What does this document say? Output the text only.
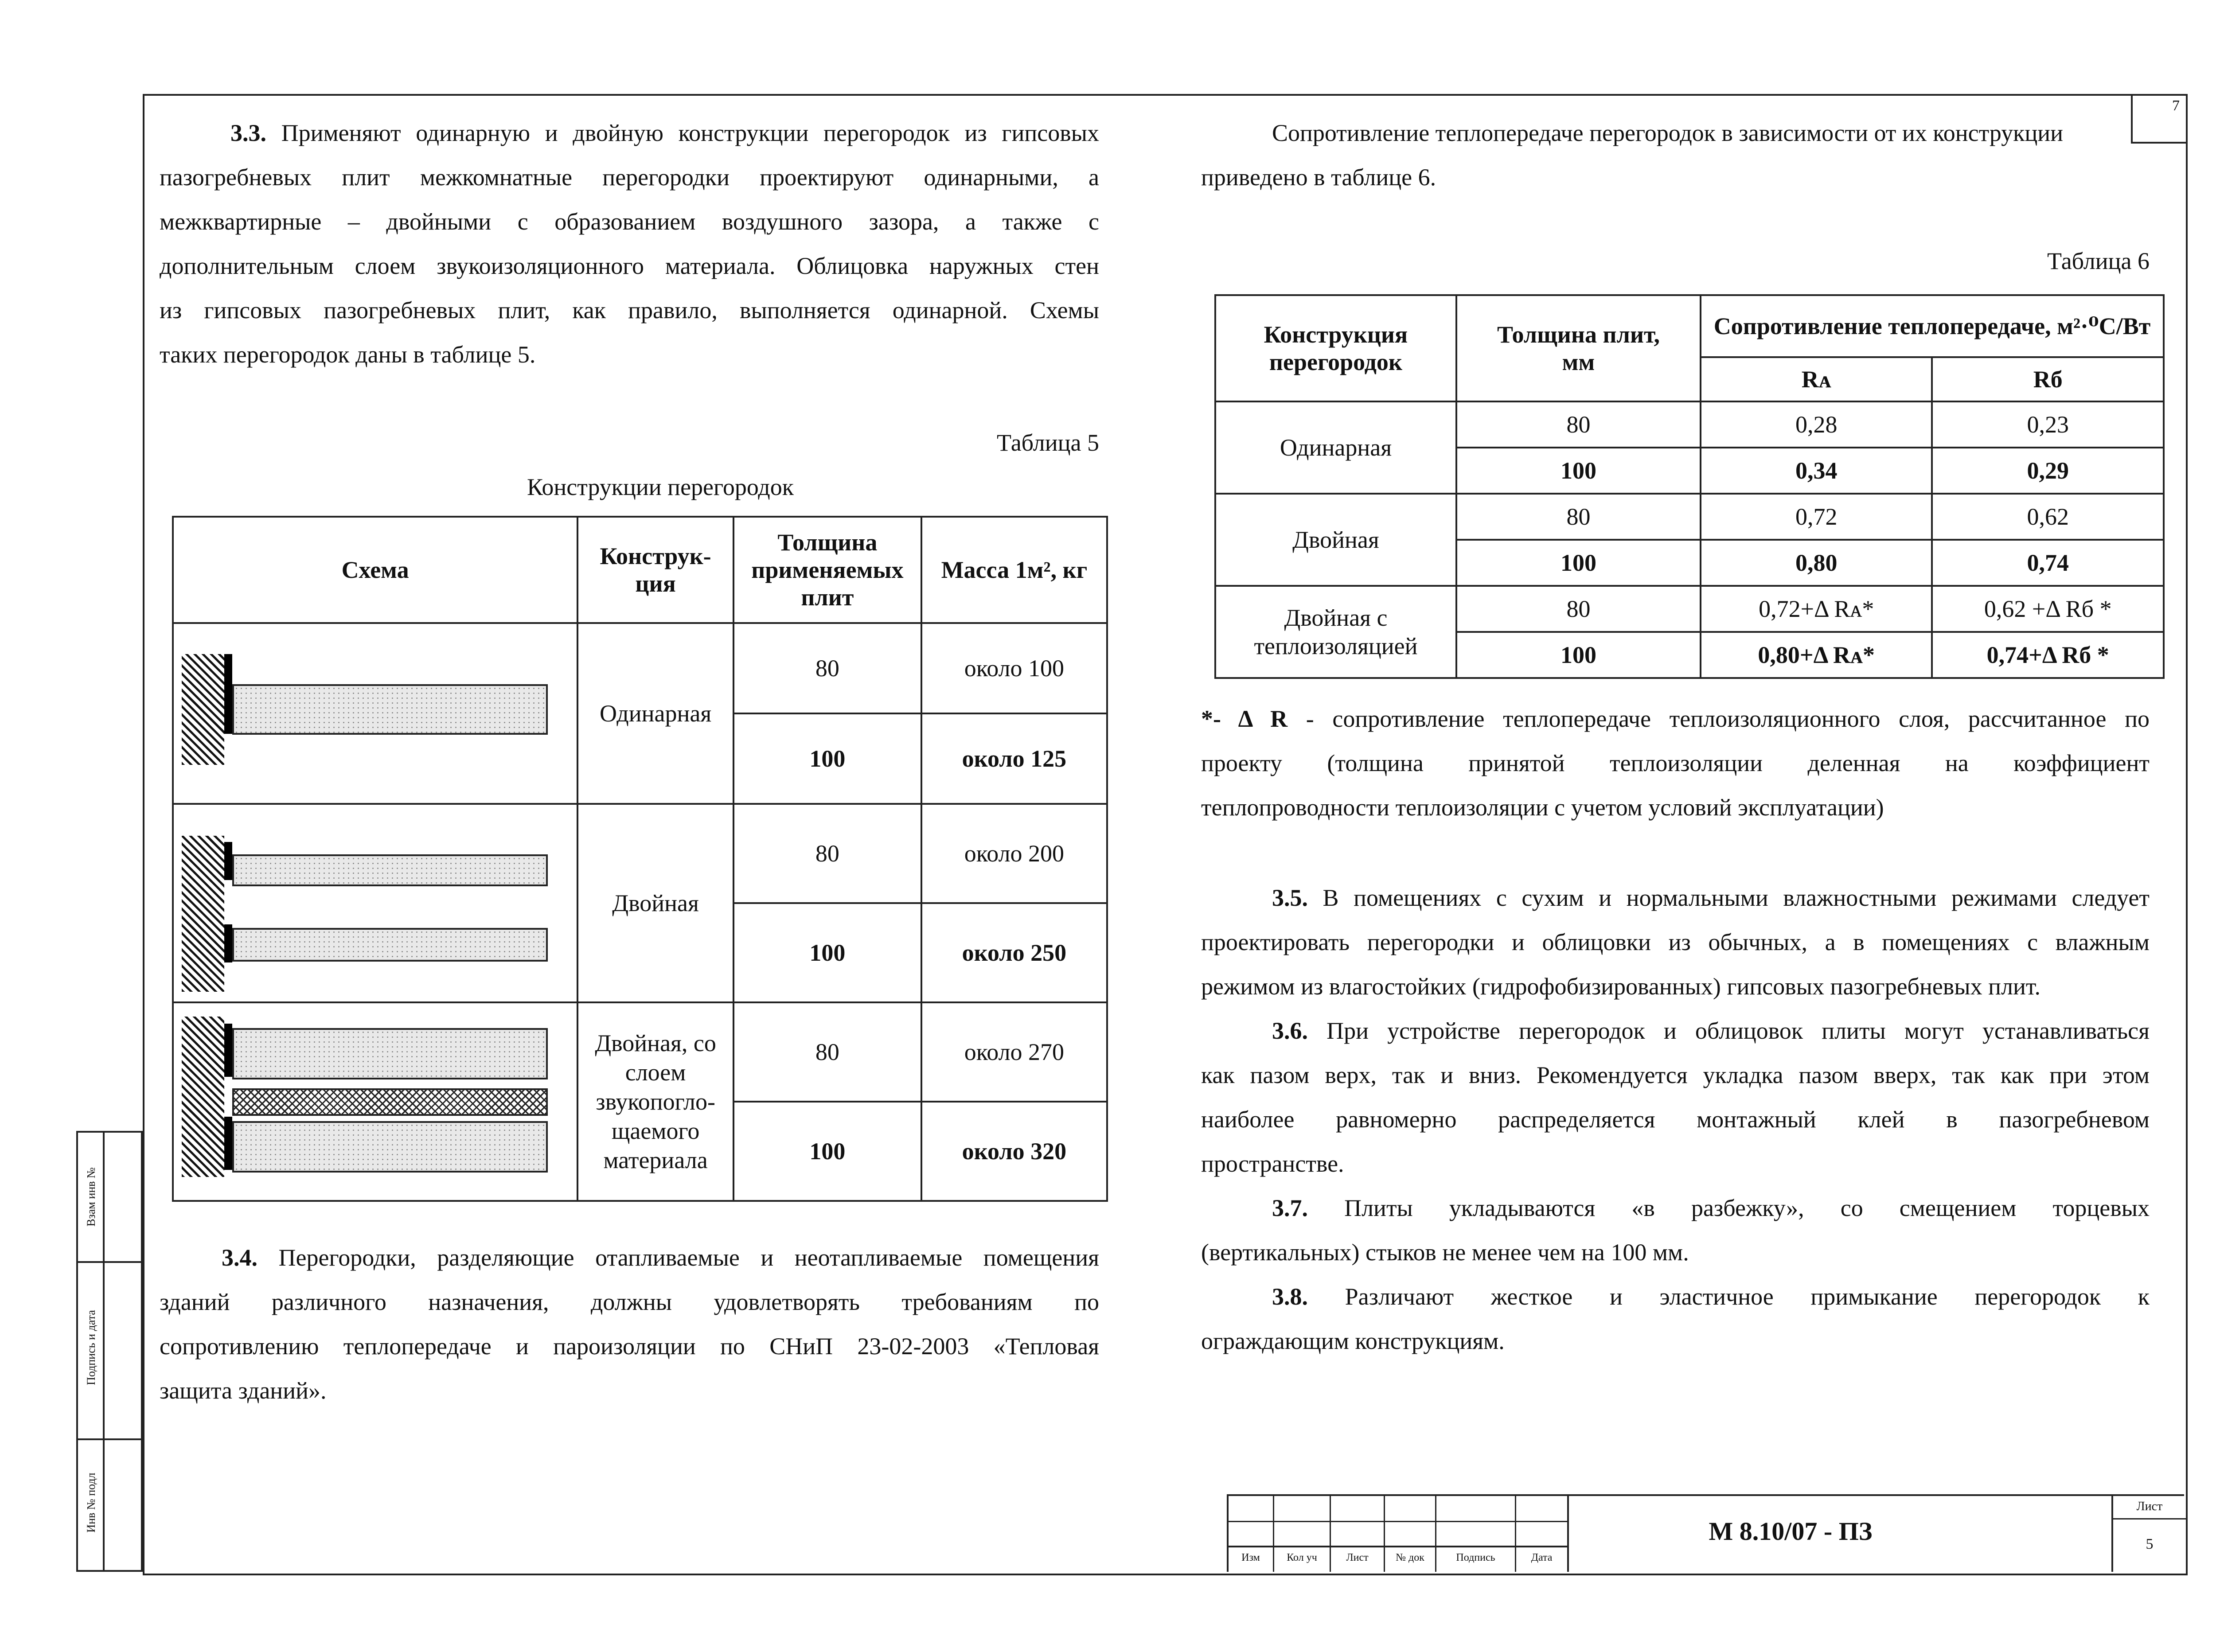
7
3.3. Применяют одинарную и двойную конструкции перегородок из гипсовых
пазогребневых плит межкомнатные перегородки проектируют одинарными, а
межквартирные – двойными с образованием воздушного зазора, а также с
дополнительным слоем звукоизоляционного материала. Облицовка наружных стен
из гипсовых пазогребневых плит, как правило, выполняется одинарной. Схемы
таких перегородок даны в таблице 5.
Таблица 5
Конструкции перегородок
Схема	Конструк-ция	Толщина применяемых плит	Масса 1м², кг
	Одинарная	80	около 100
		100	около 125
	Двойная	80	около 200
		100	около 250
	Двойная, со слоем звукопогло-щаемого материала	80	около 270
		100	около 320
3.4. Перегородки, разделяющие отапливаемые и неотапливаемые помещения
зданий различного назначения, должны удовлетворять требованиям по
сопротивлению теплопередаче и пароизоляции по СНиП 23-02-2003 «Тепловая
защита зданий».
Сопротивление теплопередаче перегородок в зависимости от их конструкции
приведено в таблице 6.
Таблица 6
Конструкция перегородок	Толщина плит, мм	Сопротивление теплопередаче, м²·⁰С/Вт	
		Rᴀ	Rб
Одинарная	80	0,28	0,23
	100	0,34	0,29
Двойная	80	0,72	0,62
	100	0,80	0,74
Двойная с теплоизоляцией	80	0,72+Δ Rᴀ*	0,62 +Δ Rб *
	100	0,80+Δ Rᴀ*	0,74+Δ Rб *
*- Δ R - сопротивление теплопередаче теплоизоляционного слоя, рассчитанное по
проекту (толщина принятой теплоизоляции деленная на коэффициент
теплопроводности теплоизоляции с учетом условий эксплуатации)
3.5. В помещениях с сухим и нормальными влажностными режимами следует
проектировать перегородки и облицовки из обычных, а в помещениях с влажным
режимом из влагостойких (гидрофобизированных) гипсовых пазогребневых плит.
3.6. При устройстве перегородок и облицовок плиты могут устанавливаться
как пазом верх, так и вниз. Рекомендуется укладка пазом вверх, так как при этом
наиболее равномерно распределяется монтажный клей в пазогребневом
пространстве.
3.7. Плиты укладываются «в разбежку», со смещением торцевых
(вертикальных) стыков не менее чем на 100 мм.
3.8. Различают жесткое и эластичное примыкание перегородок к
ограждающим конструкциям.
Взам инв №
Подпись и дата
Инв № подл
Изм	Кол уч	Лист	№ док	Подпись	Дата
М 8.10/07 - ПЗ
Лист
5
